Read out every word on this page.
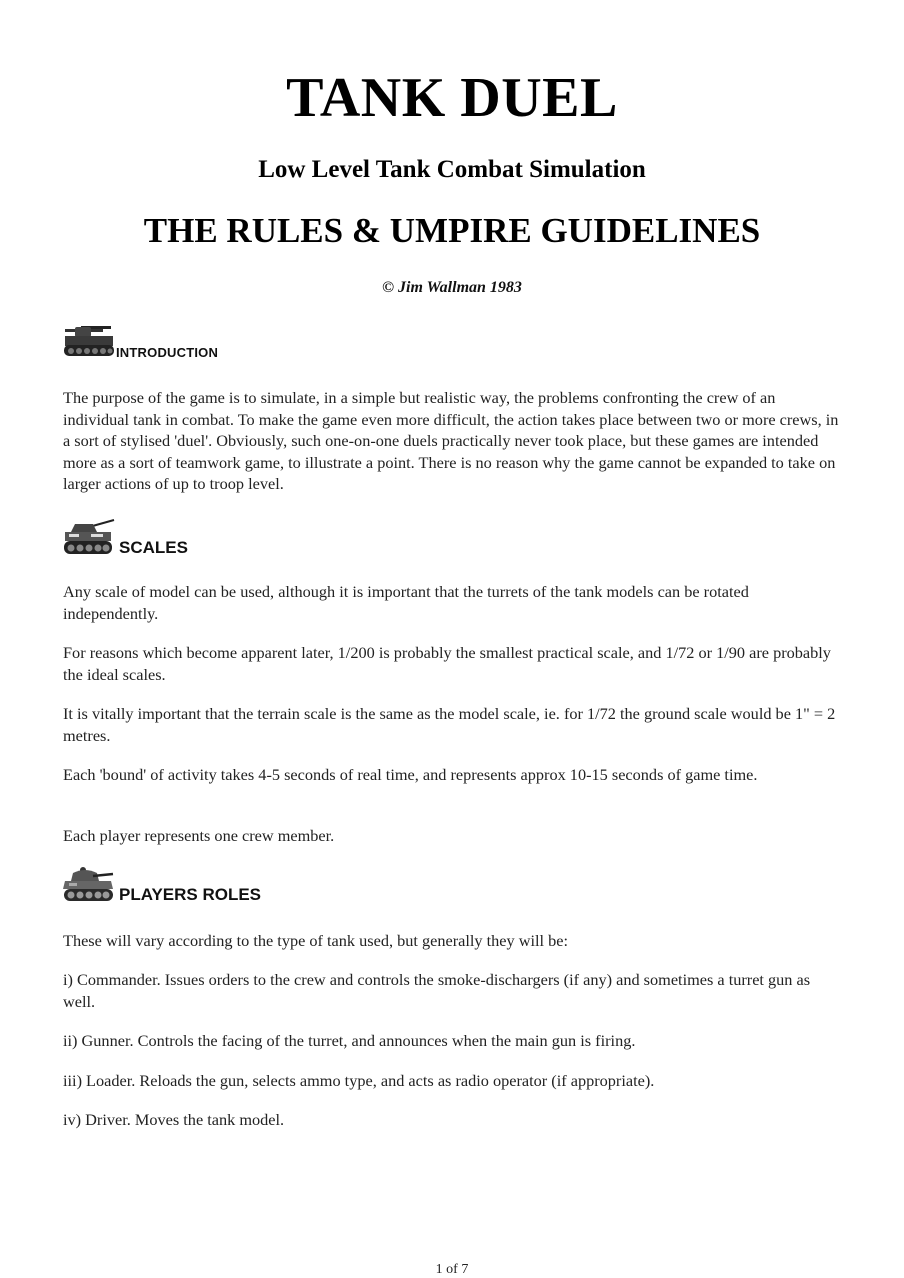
TANK DUEL
Low Level Tank Combat Simulation
THE RULES & UMPIRE GUIDELINES

© Jim Wallman 1983

INTRODUCTION

The purpose of the game is to simulate, in a simple but realistic way, the problems confronting the crew of an individual tank in combat. To make the game even more difficult, the action takes place between two or more crews, in a sort of stylised 'duel'. Obviously, such one-on-one duels practically never took place, but these games are intended more as a sort of teamwork game, to illustrate a point. There is no reason why the game cannot be expanded to take on larger actions of up to troop level.

SCALES

Any scale of model can be used, although it is important that the turrets of the tank models can be rotated independently.

For reasons which become apparent later, 1/200 is probably the smallest practical scale, and 1/72 or 1/90 are probably the ideal scales.

It is vitally important that the terrain scale is the same as the model scale, ie. for 1/72 the ground scale would be 1" = 2 metres.

Each 'bound' of activity takes 4-5 seconds of real time, and represents approx 10-15 seconds of game time.

Each player represents one crew member.

PLAYERS ROLES

These will vary according to the type of tank used, but generally they will be:

i) Commander. Issues orders to the crew and controls the smoke-dischargers (if any) and sometimes a turret gun as well.

ii) Gunner. Controls the facing of the turret, and announces when the main gun is firing.

iii) Loader. Reloads the gun, selects ammo type, and acts as radio operator (if appropriate).

iv) Driver. Moves the tank model.

1 of 7
